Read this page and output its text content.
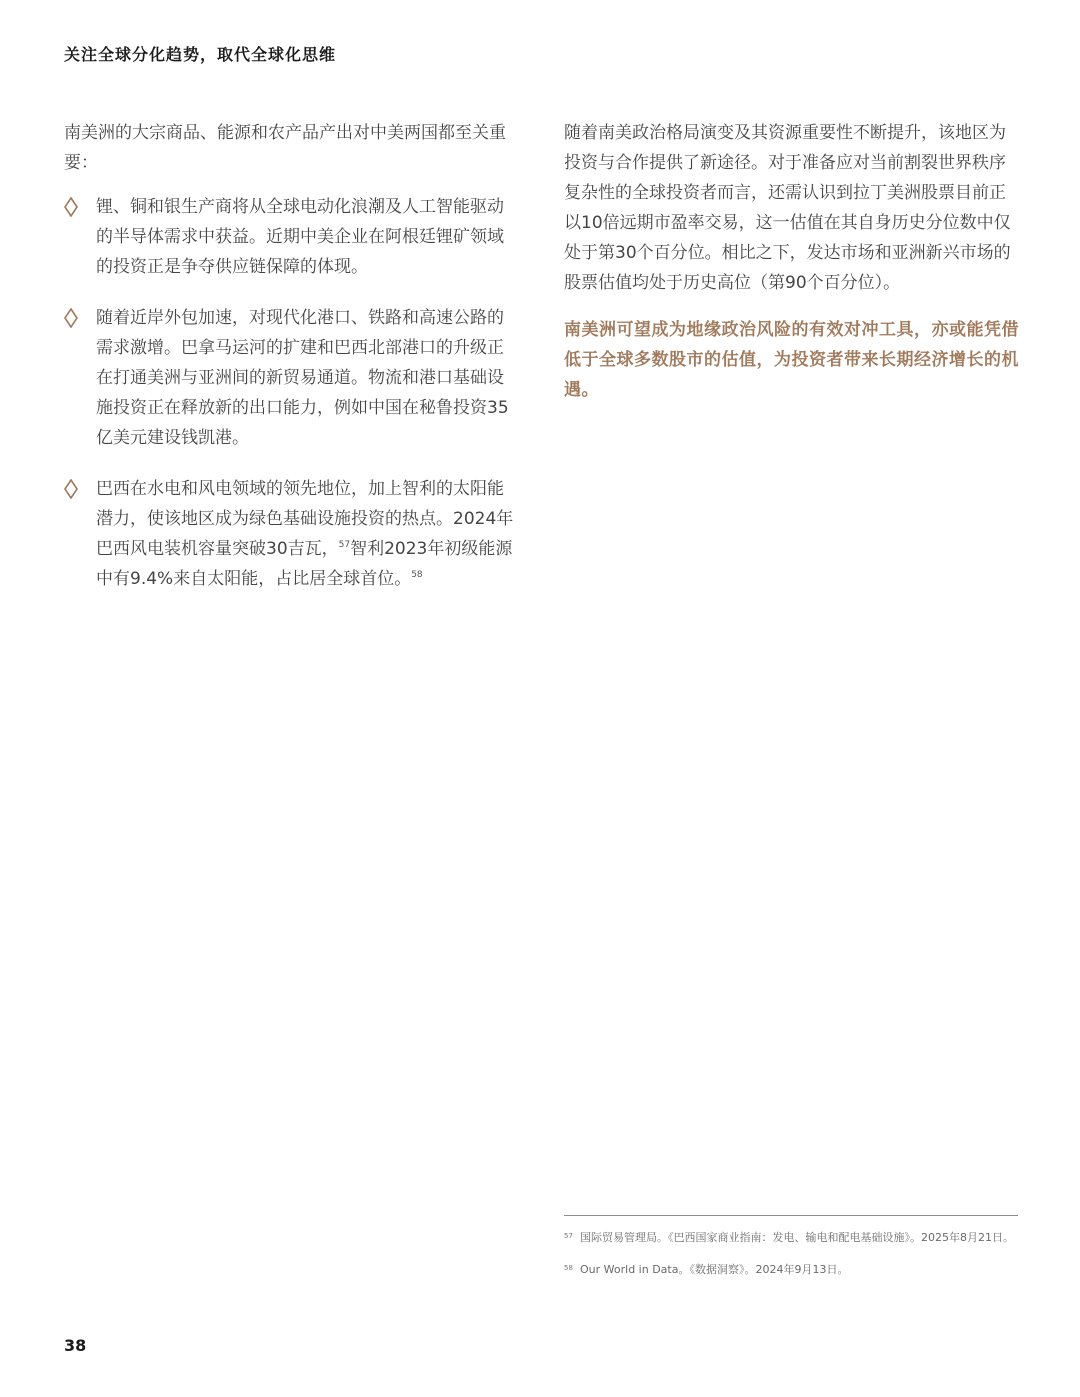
关注全球分化趋势，取代全球化思维

南美洲的大宗商品、能源和农产品产出对中美两国都至关重要：

锂、铜和银生产商将从全球电动化浪潮及人工智能驱动的半导体需求中获益。近期中美企业在阿根廷锂矿领域的投资正是争夺供应链保障的体现。
随着近岸外包加速，对现代化港口、铁路和高速公路的需求激增。巴拿马运河的扩建和巴西北部港口的升级正在打通美洲与亚洲间的新贸易通道。物流和港口基础设施投资正在释放新的出口能力，例如中国在秘鲁投资35亿美元建设钱凯港。
巴西在水电和风电领域的领先地位，加上智利的太阳能潜力，使该地区成为绿色基础设施投资的热点。2024年巴西风电装机容量突破30吉瓦，$^{57}$智利2023年初级能源中有9.4%来自太阳能，占比居全球首位。$^{58}$

随着南美政治格局演变及其资源重要性不断提升，该地区为投资与合作提供了新途径。对于准备应对当前割裂世界秩序复杂性的全球投资者而言，还需认识到拉丁美洲股票目前正以10倍远期市盈率交易，这一估值在其自身历史分位数中仅处于第30个百分位。相比之下，发达市场和亚洲新兴市场的股票估值均处于历史高位（第90个百分位）。

南美洲可望成为地缘政治风险的有效对冲工具，亦或能凭借低于全球多数股市的估值，为投资者带来长期经济增长的机遇。

57 国际贸易管理局。《巴西国家商业指南：发电、输电和配电基础设施》。2025年8月21日。
58 Our World in Data。《数据洞察》。2024年9月13日。
38
